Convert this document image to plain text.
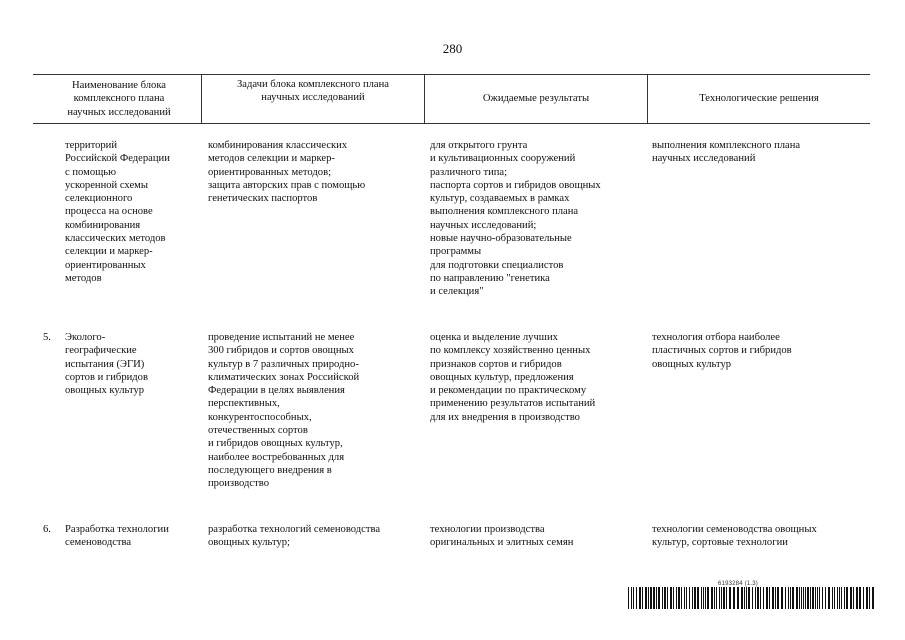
280
Наименование блока
комплексного плана
научных исследований
Задачи блока комплексного плана
научных исследований	Ожидаемые результаты	Технологические решения
территорий
Российской Федерации
с помощью
ускоренной схемы
селекционного
процесса на основе
комбинирования
классических методов
селекции и маркер-
ориентированных
методов
комбинирования классических
методов селекции и маркер-
ориентированных методов;
защита авторских прав с помощью
генетических паспортов
для открытого грунта
и культивационных сооружений
различного типа;
паспорта сортов и гибридов овощных
культур, создаваемых в рамках
выполнения комплексного плана
научных исследований;
новые научно-образовательные
программы
для подготовки специалистов
по направлению "генетика
и селекция"
выполнения комплексного плана
научных исследований
5. Эколого-
географические
испытания (ЭГИ)
сортов и гибридов
овощных культур
проведение испытаний не менее
300 гибридов и сортов овощных
культур в 7 различных природно-
климатических зонах Российской
Федерации в целях выявления
перспективных,
конкурентоспособных,
отечественных сортов
и гибридов овощных культур,
наиболее востребованных для
последующего внедрения в
производство
оценка и выделение лучших
по комплексу хозяйственно ценных
признаков сортов и гибридов
овощных культур, предложения
и рекомендации по практическому
применению результатов испытаний
для их внедрения в производство
технология отбора наиболее
пластичных сортов и гибридов
овощных культур
6. Разработка технологии
семеноводства
разработка технологий семеноводства
овощных культур;
технологии производства
оригинальных и элитных семян
технологии семеноводства овощных
культур, сортовые технологии
6193284 (1.3)
